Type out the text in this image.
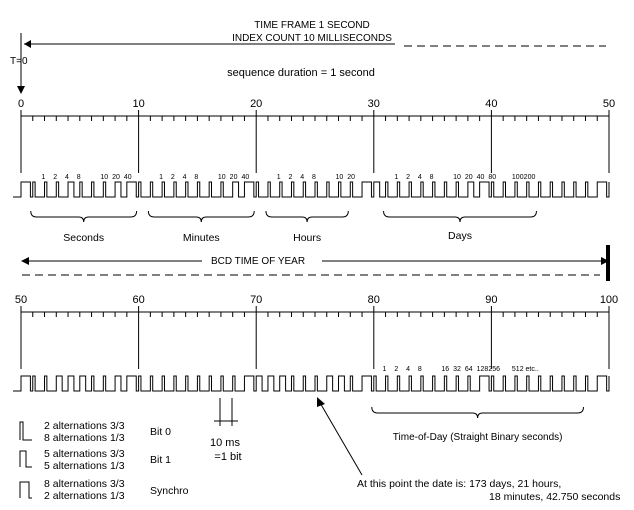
TIME FRAME 1 SECOND
INDEX COUNT 10 MILLISECONDS
T=0
sequence duration = 1 second
0	10	20	30	40	50
1 2 4 8	10 20 40	1 2 4 8	10 20 40	1 2 4 8	10 20	1 2 4 8	10 20 40 80 100 200
Seconds	Minutes	Hours	Days
BCD TIME OF YEAR
50	60	70	80	90	100
1 2 4 8	16 32 64 128 256 512 etc..
Time-of-Day (Straight Binary seconds)
10 ms
=1 bit
At this point the date is: 173 days, 21 hours,
18 minutes, 42.750 seconds
2 alternations 3/3
8 alternations 1/3 Bit 0
5 alternations 3/3
5 alternations 1/3 Bit 1
8 alternations 3/3
2 alternations 1/3 Synchro
